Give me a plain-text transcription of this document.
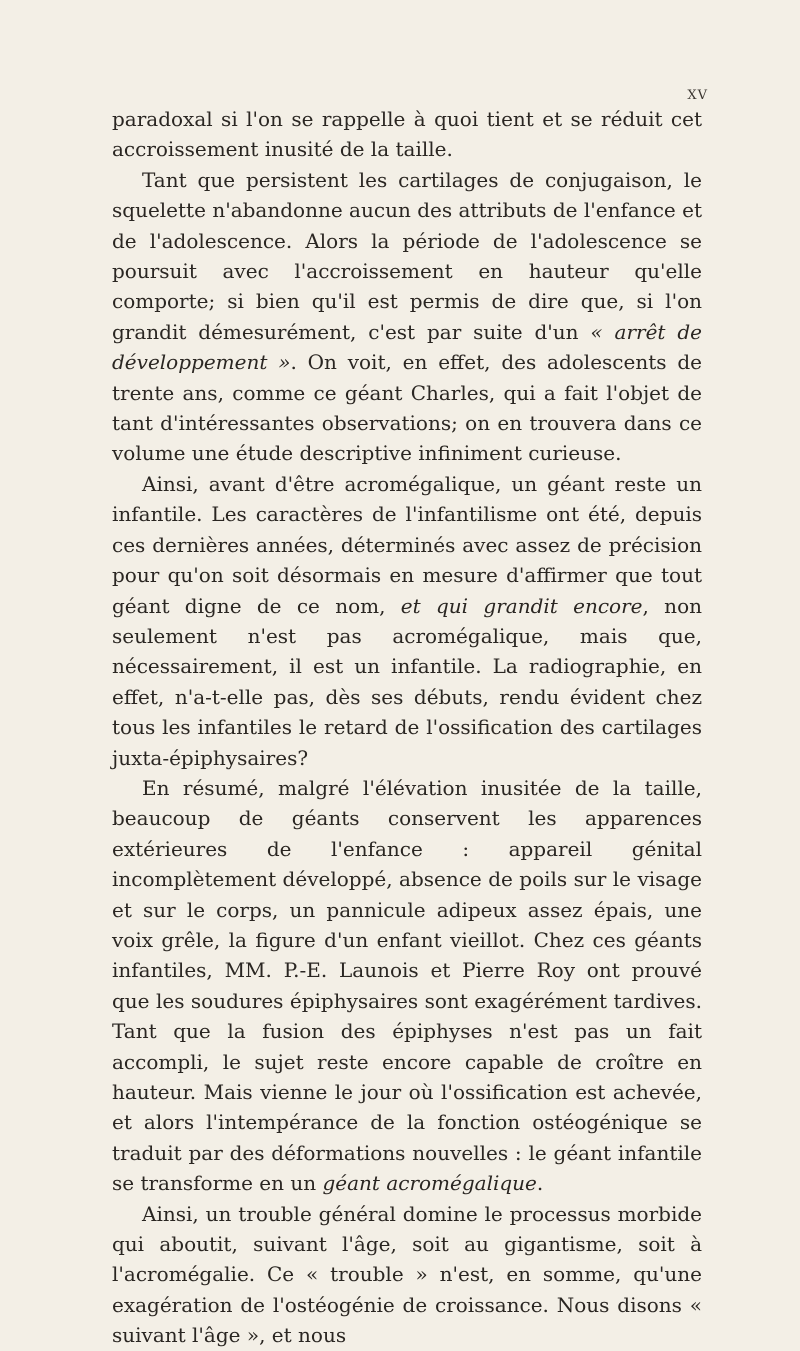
XV

paradoxal si l'on se rappelle à quoi tient et se réduit cet accroissement inusité de la taille.

Tant que persistent les cartilages de conjugaison, le squelette n'abandonne aucun des attributs de l'enfance et de l'adolescence. Alors la période de l'adolescence se poursuit avec l'accroissement en hauteur qu'elle comporte; si bien qu'il est permis de dire que, si l'on grandit démesurément, c'est par suite d'un « arrêt de développement ». On voit, en effet, des adolescents de trente ans, comme ce géant Charles, qui a fait l'objet de tant d'intéressantes observations; on en trouvera dans ce volume une étude descriptive infiniment curieuse.

Ainsi, avant d'être acromégalique, un géant reste un infantile. Les caractères de l'infantilisme ont été, depuis ces dernières années, déterminés avec assez de précision pour qu'on soit désormais en mesure d'affirmer que tout géant digne de ce nom, et qui grandit encore, non seulement n'est pas acromégalique, mais que, nécessairement, il est un infantile. La radiographie, en effet, n'a-t-elle pas, dès ses débuts, rendu évident chez tous les infantiles le retard de l'ossification des cartilages juxta-épiphysaires?

En résumé, malgré l'élévation inusitée de la taille, beaucoup de géants conservent les apparences extérieures de l'enfance : appareil génital incomplètement développé, absence de poils sur le visage et sur le corps, un pannicule adipeux assez épais, une voix grêle, la figure d'un enfant vieillot. Chez ces géants infantiles, MM. P.-E. Launois et Pierre Roy ont prouvé que les soudures épiphysaires sont exagérément tardives. Tant que la fusion des épiphyses n'est pas un fait accompli, le sujet reste encore capable de croître en hauteur. Mais vienne le jour où l'ossification est achevée, et alors l'intempérance de la fonction ostéogénique se traduit par des déformations nouvelles : le géant infantile se transforme en un géant acromégalique.

Ainsi, un trouble général domine le processus morbide qui aboutit, suivant l'âge, soit au gigantisme, soit à l'acromégalie. Ce « trouble » n'est, en somme, qu'une exagération de l'ostéogénie de croissance. Nous disons « suivant l'âge », et nous
